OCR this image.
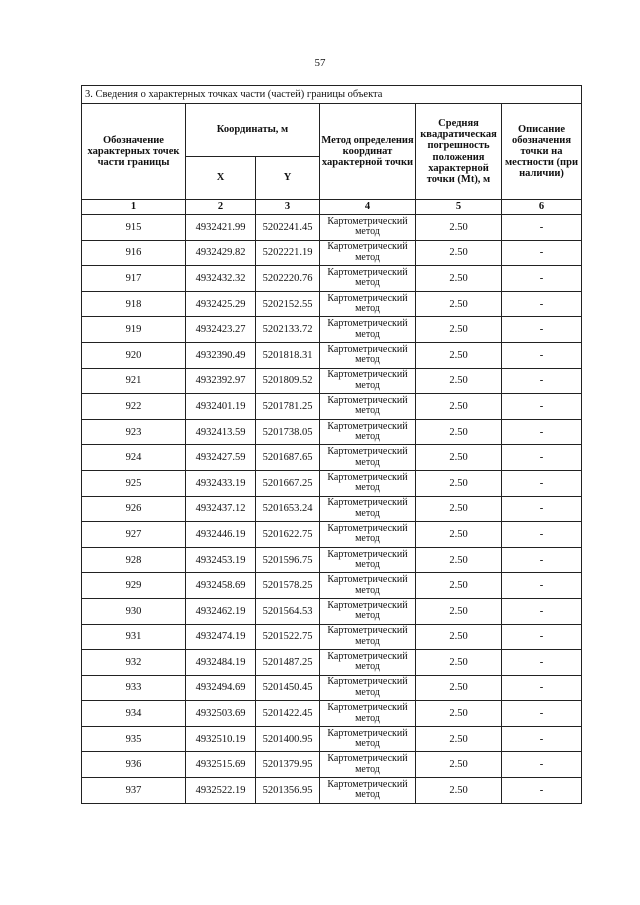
57
3. Сведения о характерных точках части (частей) границы объекта					
Обозначение характерных точек части границы	Координаты, м		Метод определения координат характерной точки	Средняя квадратическая погрешность положения характерной точки (Mt), м	Описание обозначения точки на местности (при наличии)
	X	Y			
1	2	3	4	5	6
915	4932421.99	5202241.45	Картометрический метод	2.50	-
916	4932429.82	5202221.19	Картометрический метод	2.50	-
917	4932432.32	5202220.76	Картометрический метод	2.50	-
918	4932425.29	5202152.55	Картометрический метод	2.50	-
919	4932423.27	5202133.72	Картометрический метод	2.50	-
920	4932390.49	5201818.31	Картометрический метод	2.50	-
921	4932392.97	5201809.52	Картометрический метод	2.50	-
922	4932401.19	5201781.25	Картометрический метод	2.50	-
923	4932413.59	5201738.05	Картометрический метод	2.50	-
924	4932427.59	5201687.65	Картометрический метод	2.50	-
925	4932433.19	5201667.25	Картометрический метод	2.50	-
926	4932437.12	5201653.24	Картометрический метод	2.50	-
927	4932446.19	5201622.75	Картометрический метод	2.50	-
928	4932453.19	5201596.75	Картометрический метод	2.50	-
929	4932458.69	5201578.25	Картометрический метод	2.50	-
930	4932462.19	5201564.53	Картометрический метод	2.50	-
931	4932474.19	5201522.75	Картометрический метод	2.50	-
932	4932484.19	5201487.25	Картометрический метод	2.50	-
933	4932494.69	5201450.45	Картометрический метод	2.50	-
934	4932503.69	5201422.45	Картометрический метод	2.50	-
935	4932510.19	5201400.95	Картометрический метод	2.50	-
936	4932515.69	5201379.95	Картометрический метод	2.50	-
937	4932522.19	5201356.95	Картометрический метод	2.50	-
